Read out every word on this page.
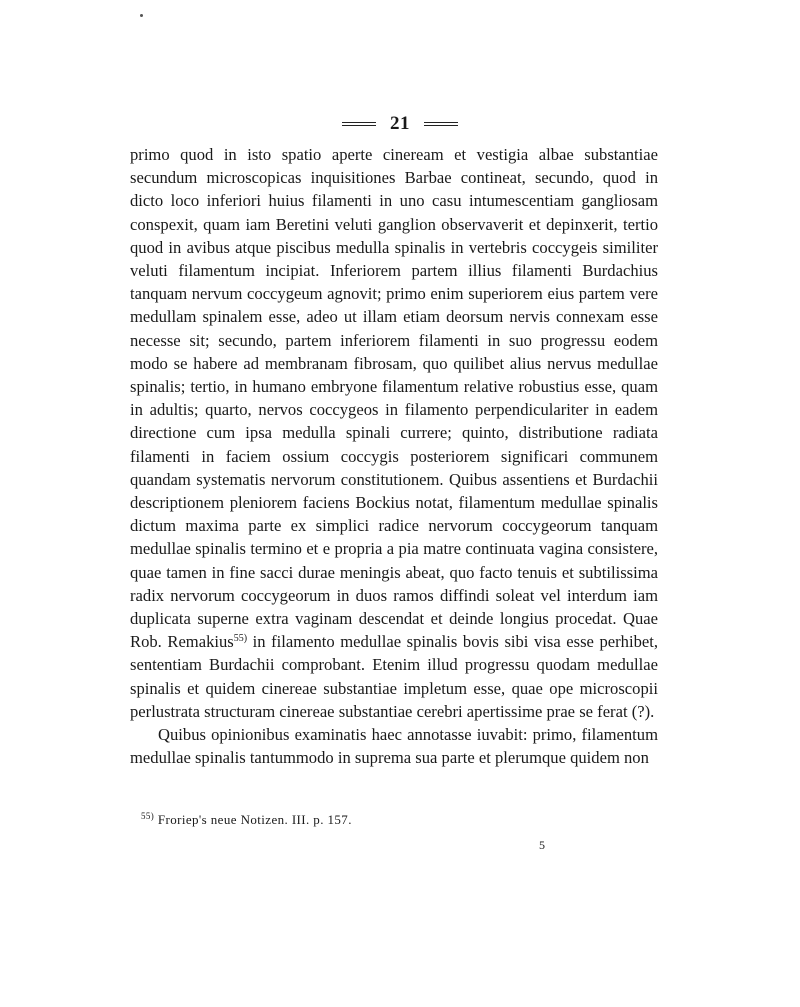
21

primo quod in isto spatio aperte cineream et vestigia albae substantiae secundum microscopicas inquisitiones Barbae contineat, secundo, quod in dicto loco inferiori huius filamenti in uno casu intumescentiam gangliosam conspexit, quam iam Beretini veluti ganglion observaverit et depinxerit, tertio quod in avibus atque piscibus medulla spinalis in vertebris coccygeis similiter veluti filamentum incipiat. Inferiorem partem illius filamenti Burdachius tanquam nervum coccygeum agnovit; primo enim superiorem eius partem vere medullam spinalem esse, adeo ut illam etiam deorsum nervis connexam esse necesse sit; secundo, partem inferiorem filamenti in suo progressu eodem modo se habere ad membranam fibrosam, quo quilibet alius nervus medullae spinalis; tertio, in humano embryone filamentum relative robustius esse, quam in adultis; quarto, nervos coccygeos in filamento perpendiculariter in eadem directione cum ipsa medulla spinali currere; quinto, distributione radiata filamenti in faciem ossium coccygis posteriorem significari communem quandam systematis nervorum constitutionem. Quibus assentiens et Burdachii descriptionem pleniorem faciens Bockius notat, filamentum medullae spinalis dictum maxima parte ex simplici radice nervorum coccygeorum tanquam medullae spinalis termino et e propria a pia matre continuata vagina consistere, quae tamen in fine sacci durae meningis abeat, quo facto tenuis et subtilissima radix nervorum coccygeorum in duos ramos diffindi soleat vel interdum iam duplicata superne extra vaginam descendat et deinde longius procedat. Quae Rob. Remakius$^{55)}$ in filamento medullae spinalis bovis sibi visa esse perhibet, sententiam Burdachii comprobant. Etenim illud progressu quodam medullae spinalis et quidem cinereae substantiae impletum esse, quae ope microscopii perlustrata structuram cinereae substantiae cerebri apertissime prae se ferat (?).

Quibus opinionibus examinatis haec annotasse iuvabit: primo, filamentum medullae spinalis tantummodo in suprema sua parte et plerumque quidem non

$^{55)}$ Froriep's neue Notizen. III. p. 157.
5
